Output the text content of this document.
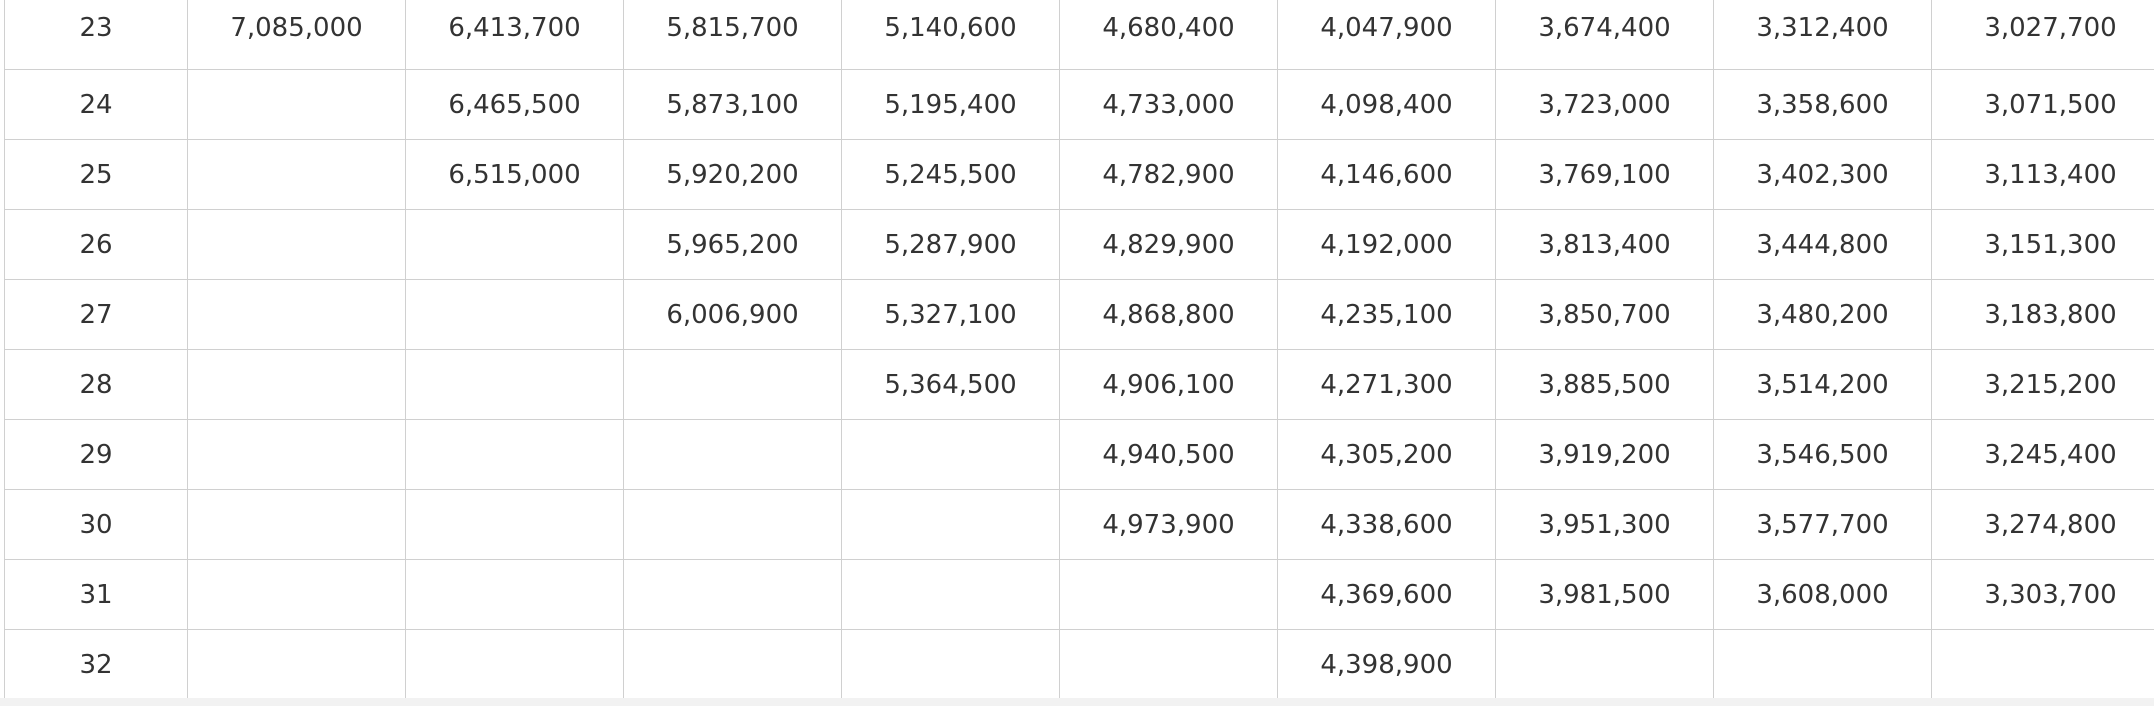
23	7,085,000	6,413,700	5,815,700	5,140,600	4,680,400	4,047,900	3,674,400	3,312,400	3,027,700
24		6,465,500	5,873,100	5,195,400	4,733,000	4,098,400	3,723,000	3,358,600	3,071,500
25		6,515,000	5,920,200	5,245,500	4,782,900	4,146,600	3,769,100	3,402,300	3,113,400
26			5,965,200	5,287,900	4,829,900	4,192,000	3,813,400	3,444,800	3,151,300
27			6,006,900	5,327,100	4,868,800	4,235,100	3,850,700	3,480,200	3,183,800
28				5,364,500	4,906,100	4,271,300	3,885,500	3,514,200	3,215,200
29					4,940,500	4,305,200	3,919,200	3,546,500	3,245,400
30					4,973,900	4,338,600	3,951,300	3,577,700	3,274,800
31						4,369,600	3,981,500	3,608,000	3,303,700
32						4,398,900			
